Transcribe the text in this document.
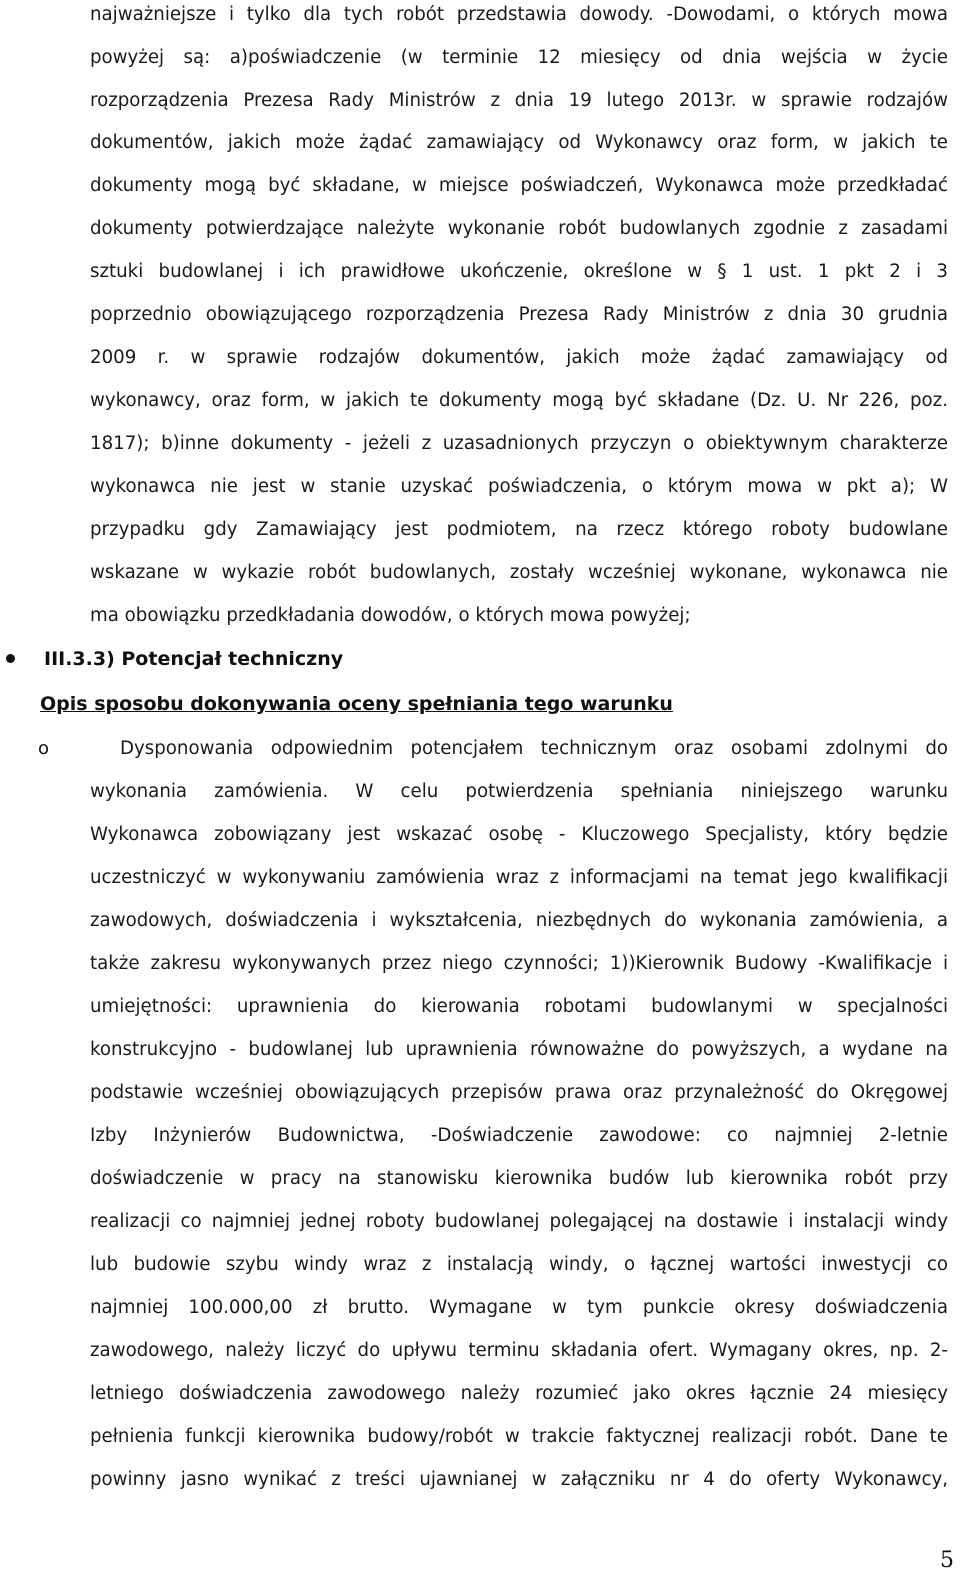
najważniejsze i tylko dla tych robót przedstawia dowody. -Dowodami, o których mowa
powyżej są: a)poświadczenie (w terminie 12 miesięcy od dnia wejścia w życie
rozporządzenia Prezesa Rady Ministrów z dnia 19 lutego 2013r. w sprawie rodzajów
dokumentów, jakich może żądać zamawiający od Wykonawcy oraz form, w jakich te
dokumenty mogą być składane, w miejsce poświadczeń, Wykonawca może przedkładać
dokumenty potwierdzające należyte wykonanie robót budowlanych zgodnie z zasadami
sztuki budowlanej i ich prawidłowe ukończenie, określone w § 1 ust. 1 pkt 2 i 3
poprzednio obowiązującego rozporządzenia Prezesa Rady Ministrów z dnia 30 grudnia
2009 r. w sprawie rodzajów dokumentów, jakich może żądać zamawiający od
wykonawcy, oraz form, w jakich te dokumenty mogą być składane (Dz. U. Nr 226, poz.
1817); b)inne dokumenty - jeżeli z uzasadnionych przyczyn o obiektywnym charakterze
wykonawca nie jest w stanie uzyskać poświadczenia, o którym mowa w pkt a); W
przypadku gdy Zamawiający jest podmiotem, na rzecz którego roboty budowlane
wskazane w wykazie robót budowlanych, zostały wcześniej wykonane, wykonawca nie
ma obowiązku przedkładania dowodów, o których mowa powyżej;
III.3.3) Potencjał techniczny
Opis sposobu dokonywania oceny spełniania tego warunku
o	Dysponowania odpowiednim potencjałem technicznym oraz osobami zdolnymi do
wykonania zamówienia. W celu potwierdzenia spełniania niniejszego warunku
Wykonawca zobowiązany jest wskazać osobę - Kluczowego Specjalisty, który będzie
uczestniczyć w wykonywaniu zamówienia wraz z informacjami na temat jego kwalifikacji
zawodowych, doświadczenia i wykształcenia, niezbędnych do wykonania zamówienia, a
także zakresu wykonywanych przez niego czynności; 1))Kierownik Budowy -Kwalifikacje i
umiejętności: uprawnienia do kierowania robotami budowlanymi w specjalności
konstrukcyjno - budowlanej lub uprawnienia równoważne do powyższych, a wydane na
podstawie wcześniej obowiązujących przepisów prawa oraz przynależność do Okręgowej
Izby Inżynierów Budownictwa, -Doświadczenie zawodowe: co najmniej 2-letnie
doświadczenie w pracy na stanowisku kierownika budów lub kierownika robót przy
realizacji co najmniej jednej roboty budowlanej polegającej na dostawie i instalacji windy
lub budowie szybu windy wraz z instalacją windy, o łącznej wartości inwestycji co
najmniej 100.000,00 zł brutto. Wymagane w tym punkcie okresy doświadczenia
zawodowego, należy liczyć do upływu terminu składania ofert. Wymagany okres, np. 2-
letniego doświadczenia zawodowego należy rozumieć jako okres łącznie 24 miesięcy
pełnienia funkcji kierownika budowy/robót w trakcie faktycznej realizacji robót. Dane te
powinny jasno wynikać z treści ujawnianej w załączniku nr 4 do oferty Wykonawcy,
5
